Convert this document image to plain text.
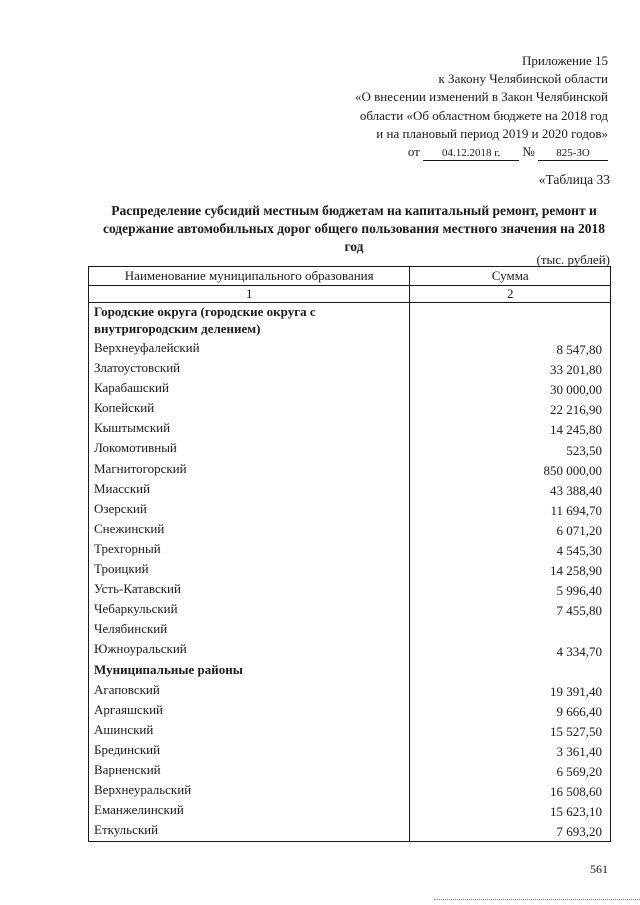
Приложение 15
к Закону Челябинской области
«О внесении изменений в Закон Челябинской
области «Об областном бюджете на 2018 год
и на плановый период 2019 и 2020 годов»
от 04.12.2018 г. № 825-ЗО
«Таблица 33
Распределение субсидий местным бюджетам на капитальный ремонт, ремонт и содержание автомобильных дорог общего пользования местного значения на 2018 год
(тыс. рублей)
Наименование муниципального образования	Сумма
1	2
Городские округа (городские округа с внутригородским делением)	
Верхнеуфалейский	8 547,80
Златоустовский	33 201,80
Карабашский	30 000,00
Копейский	22 216,90
Кыштымский	14 245,80
Локомотивный	523,50
Магнитогорский	850 000,00
Миасский	43 388,40
Озерский	11 694,70
Снежинский	6 071,20
Трехгорный	4 545,30
Троицкий	14 258,90
Усть-Катавский	5 996,40
Чебаркульский	7 455,80
Челябинский	
Южноуральский	4 334,70
Муниципальные районы	
Агаповский	19 391,40
Аргаяшский	9 666,40
Ашинский	15 527,50
Брединский	3 361,40
Варненский	6 569,20
Верхнеуральский	16 508,60
Еманжелинский	15 623,10
Еткульский	7 693,20
561
